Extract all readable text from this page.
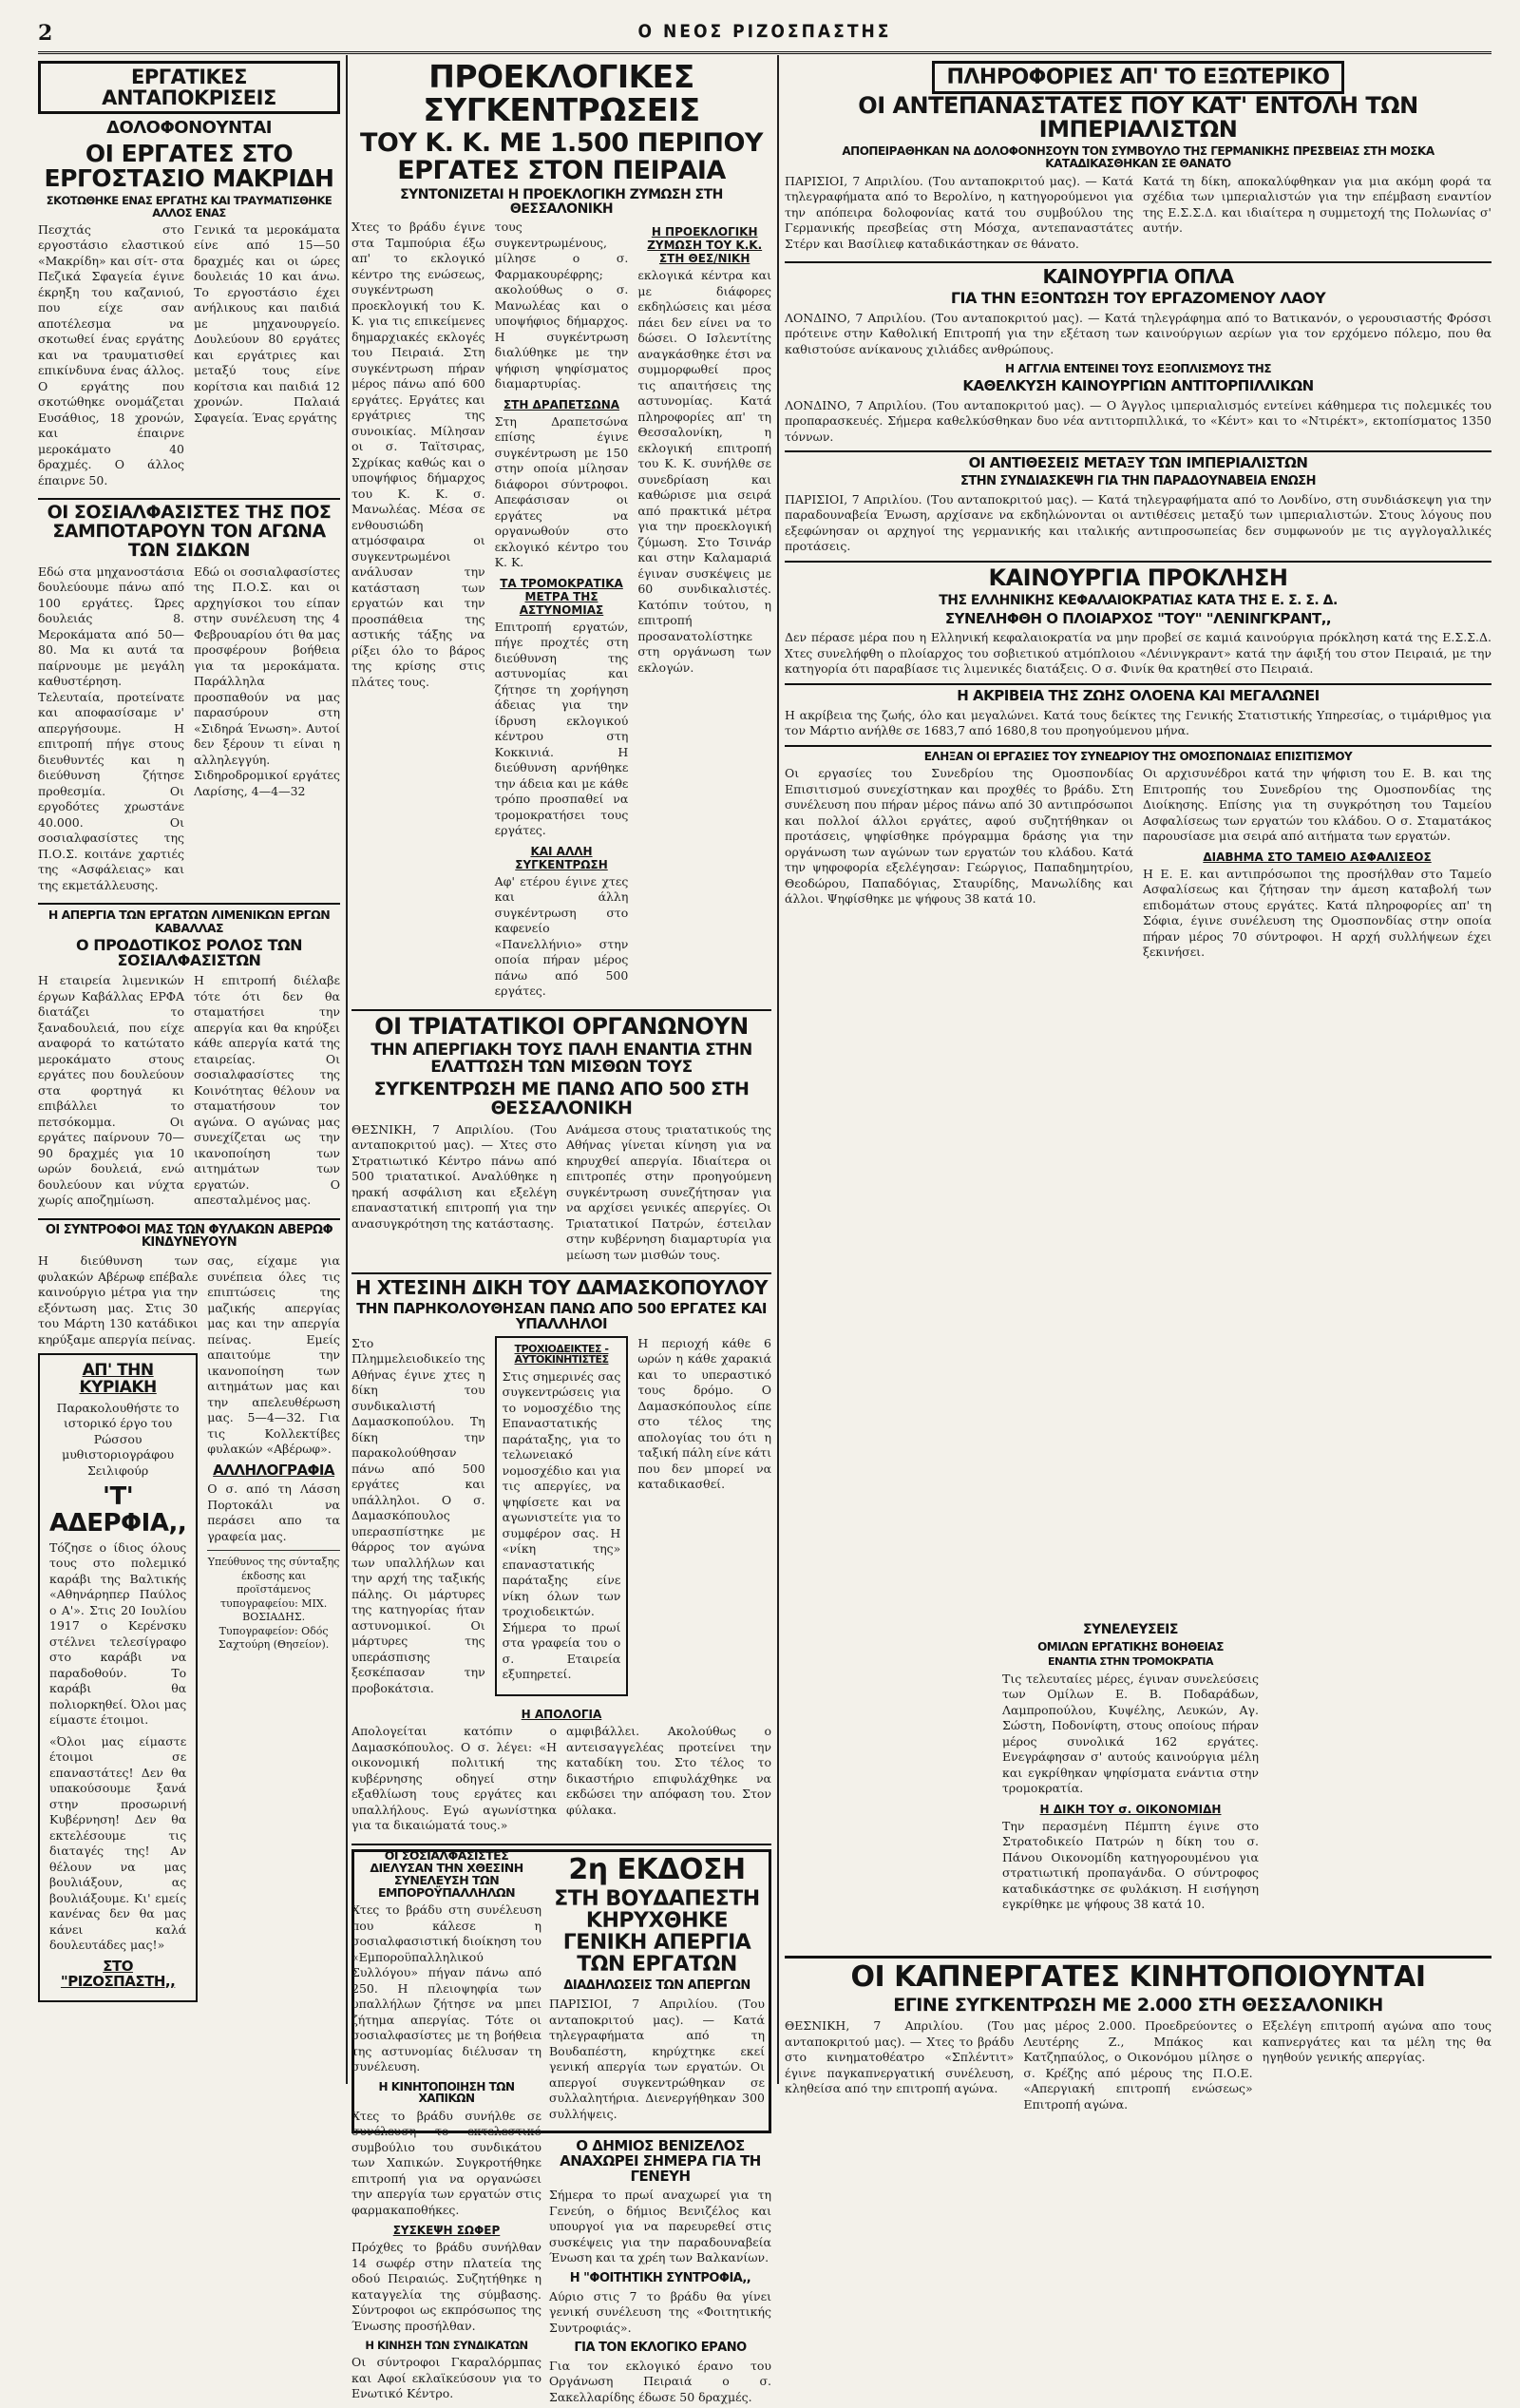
2	Ο ΝΕΟΣ ΡΙΖΟΣΠΑΣΤΗΣ
ΕΡΓΑΤΙΚΕΣ ΑΝΤΑΠΟΚΡΙΣΕΙΣ
ΔΟΛΟΦΟΝΟΥΝΤΑΙ
ΟΙ ΕΡΓΑΤΕΣ ΣΤΟ ΕΡΓΟΣΤΑΣΙΟ ΜΑΚΡΙΔΗ
ΣΚΟΤΩΘΗΚΕ ΕΝΑΣ ΕΡΓΑΤΗΣ ΚΑΙ ΤΡΑΥΜΑΤΙΣΘΗΚΕ ΑΛΛΟΣ ΕΝΑΣ

Πεσχτάς στο εργοστάσιο ελαστικού «Μακρίδη» και σίτ- στα Πεζικά Σφαγεία έγινε έκρηξη του καζανιού, που είχε σαν αποτέλεσμα να σκοτωθεί ένας εργάτης και να τραυματισθεί επικίνδυνα ένας άλλος. Ο εργάτης που σκοτώθηκε ονομάζεται Ευσάθιος, 18 χρονών, και έπαιρνε μεροκάματο 40 δραχμές. Ο άλλος έπαιρνε 50.

Γενικά τα μεροκάματα είνε από 15—50 δραχμές και οι ώρες δουλειάς 10 και άνω. Το εργοστάσιο έχει ανήλικους και παιδιά με μηχανουργείο. Δουλεύουν 80 εργάτες και εργάτριες και μεταξύ τους είνε κορίτσια και παιδιά 12 χρονών. Παλαιά Σφαγεία. Ένας εργάτης

ΟΙ ΣΟΣΙΑΛΦΑΣΙΣΤΕΣ ΤΗΣ ΠΟΣ ΣΑΜΠΟΤΑΡΟΥΝ ΤΟΝ ΑΓΩΝΑ ΤΩΝ ΣΙΔΚΩΝ

Εδώ στα μηχανοστάσια δουλεύουμε πάνω από 100 εργάτες. Ώρες δουλειάς 8. Μεροκάματα από 50—80. Μα κι αυτά τα παίρνουμε με μεγάλη καθυστέρηση. Τελευταία, προτείνατε και αποφασίσαμε ν' απεργήσουμε. Η επιτροπή πήγε στους διευθυντές και η διεύθυνση ζήτησε προθεσμία. Οι εργοδότες χρωστάνε 40.000. Οι σοσιαλφασίστες της Π.Ο.Σ. κοιτάνε χαρτιές της «Ασφάλειας» και της εκμετάλλευσης.

Εδώ οι σοσιαλφασίστες της Π.Ο.Σ. και οι αρχηγίσκοι του είπαν στην συνέλευση της 4 Φεβρουαρίου ότι θα μας προσφέρουν βοήθεια για τα μεροκάματα. Παράλληλα προσπαθούν να μας παρασύρουν στη «Σιδηρά Ένωση». Αυτοί δεν ξέρουν τι είναι η αλληλεγγύη. Σιδηροδρομικοί εργάτες Λαρίσης, 4—4—32

Η ΑΠΕΡΓΙΑ ΤΩΝ ΕΡΓΑΤΩΝ ΛΙΜΕΝΙΚΩΝ ΕΡΓΩΝ ΚΑΒΑΛΛΑΣ
Ο ΠΡΟΔΟΤΙΚΟΣ ΡΟΛΟΣ ΤΩΝ ΣΟΣΙΑΛΦΑΣΙΣΤΩΝ

Η εταιρεία λιμενικών έργων Καβάλλας ΕΡΦΑ διατάζει το ξαναδουλειά, που είχε αναφορά το κατώτατο μεροκάματο στους εργάτες που δουλεύουν στα φορτηγά κι επιβάλλει το πετσόκομμα. Οι εργάτες παίρνουν 70—90 δραχμές για 10 ωρών δουλειά, ενώ δουλεύουν και νύχτα χωρίς αποζημίωση.

Η επιτροπή διέλαβε τότε ότι δεν θα σταματήσει την απεργία και θα κηρύξει κάθε απεργία κατά της εταιρείας. Οι σοσιαλφασίστες της Κοινότητας θέλουν να σταματήσουν τον αγώνα. Ο αγώνας μας συνεχίζεται ως την ικανοποίηση των αιτημάτων των εργατών. Ο απεσταλμένος μας.

ΟΙ ΣΥΝΤΡΟΦΟΙ ΜΑΣ ΤΩΝ ΦΥΛΑΚΩΝ ΑΒΕΡΩΦ ΚΙΝΔΥΝΕΥΟΥΝ

Η διεύθυνση των φυλακών Αβέρωφ επέβαλε καινούργιο μέτρα για την εξόντωση μας. Στις 30 του Μάρτη 130 κατάδικοι κηρύξαμε απεργία πείνας.

ΑΠ' ΤΗΝ ΚΥΡΙΑΚΗ

Παρακολουθήστε το ιστορικό έργο του Ρώσσου μυθιστοριογράφου Σειλιφούρ

'Τ' ΑΔΕΡΦΙΑ,,

Τόζησε ο ίδιος όλους τους στο πολεμικό καράβι της Βαλτικής «Αθηνάρηπερ Παύλος ο Α'». Στις 20 Ιουλίου 1917 ο Κερένσκυ στέλνει τελεσίγραφο στο καράβι να παραδοθούν. Το καράβι θα πολιορκηθεί. Όλοι μας είμαστε έτοιμοι.

«Όλοι μας είμαστε έτοιμοι σε επαναστάτες! Δεν θα υπακούσουμε ξανά στην προσωρινή Κυβέρνηση! Δεν θα εκτελέσουμε τις διαταγές της! Αν θέλουν να μας βουλιάξουν, ας βουλιάξουμε. Κι' εμείς κανένας δεν θα μας κάνει καλά δουλευτάδες μας!»

ΣΤΟ "ΡΙΖΟΣΠΑΣΤΗ,,

σας, είχαμε για συνέπεια όλες τις επιπτώσεις της μαζικής απεργίας μας και την απεργία πείνας. Εμείς απαιτούμε την ικανοποίηση των αιτημάτων μας και την απελευθέρωση μας. 5—4—32. Για τις Κολλεκτίβες φυλακών «Αβέρωφ».

ΑΛΛΗΛΟΓΡΑΦΙΑ

Ο σ. από τη Λάσση Πορτοκάλι να περάσει απο τα γραφεία μας.

Υπεύθυνος της σύνταξης έκδοσης και προϊστάμενος τυπογραφείου: ΜΙΧ. ΒΟΣΙΑΔΗΣ. Τυπογραφείον: Οδός Σαχτούρη (Θησείον).

ΠΡΟΕΚΛΟΓΙΚΕΣ ΣΥΓΚΕΝΤΡΩΣΕΙΣ
ΤΟΥ Κ. Κ. ΜΕ 1.500 ΠΕΡΙΠΟΥ ΕΡΓΑΤΕΣ ΣΤΟΝ ΠΕΙΡΑΙΑ
ΣΥΝΤΟΝΙΖΕΤΑΙ Η ΠΡΟΕΚΛΟΓΙΚΗ ΖΥΜΩΣΗ ΣΤΗ ΘΕΣΣΑΛΟΝΙΚΗ

Χτες το βράδυ έγινε στα Ταμπούρια έξω απ' το εκλογικό κέντρο της ενώσεως, συγκέντρωση προεκλογική του Κ. Κ. για τις επικείμενες δημαρχιακές εκλογές του Πειραιά. Στη συγκέντρωση πήραν μέρος πάνω από 600 εργάτες. Εργάτες και εργάτριες της συνοικίας. Μίλησαν οι σ. Ταϊτσιρας, Σχρίκας καθώς και ο υποψήφιος δήμαρχος του Κ. Κ. σ. Μανωλέας. Μέσα σε ενθουσιώδη ατμόσφαιρα οι συγκεντρωμένοι ανάλυσαν την κατάσταση των εργατών και την προσπάθεια της αστικής τάξης να ρίξει όλο το βάρος της κρίσης στις πλάτες τους.

τους συγκεντρωμένους, μίλησε ο σ. Φαρμακουρέφρης; ακολούθως ο σ. Μανωλέας και ο υποψήφιος δήμαρχος. Η συγκέντρωση διαλύθηκε με την ψήφιση ψηφίσματος διαμαρτυρίας.

ΣΤΗ ΔΡΑΠΕΤΣΩΝΑ

Στη Δραπετσώνα επίσης έγινε συγκέντρωση με 150 στην οποία μίλησαν διάφοροι σύντροφοι. Απεφάσισαν οι εργάτες να οργανωθούν στο εκλογικό κέντρο του Κ. Κ.

ΤΑ ΤΡΟΜΟΚΡΑΤΙΚΑ ΜΕΤΡΑ ΤΗΣ ΑΣΤΥΝΟΜΙΑΣ

Επιτροπή εργατών, πήγε προχτές στη διεύθυνση της αστυνομίας και ζήτησε τη χορήγηση άδειας για την ίδρυση εκλογικού κέντρου στη Κοκκινιά. Η διεύθυνση αρνήθηκε την άδεια και με κάθε τρόπο προσπαθεί να τρομοκρατήσει τους εργάτες.

ΚΑΙ ΑΛΛΗ ΣΥΓΚΕΝΤΡΩΣΗ

Αφ' ετέρου έγινε χτες και άλλη συγκέντρωση στο καφενείο «Πανελλήνιο» στην οποία πήραν μέρος πάνω από 500 εργάτες.

Η ΠΡΟΕΚΛΟΓΙΚΗ ΖΥΜΩΣΗ ΤΟΥ Κ.Κ. ΣΤΗ ΘΕΣ/ΝΙΚΗ

εκλογικά κέντρα και με διάφορες εκδηλώσεις και μέσα πάει δεν είνει να το δώσει. Ο Ισλεντίτης αναγκάσθηκε έτσι να συμμορφωθεί προς τις απαιτήσεις της αστυνομίας. Κατά πληροφορίες απ' τη Θεσσαλονίκη, η εκλογική επιτροπή του Κ. Κ. συνήλθε σε συνεδρίαση και καθώρισε μια σειρά από πρακτικά μέτρα για την προεκλογική ζύμωση. Στο Τσινάρ και στην Καλαμαριά έγιναν συσκέψεις με 60 συνδικαλιστές. Κατόπιν τούτου, η επιτροπή προσανατολίστηκε στη οργάνωση των εκλογών.

ΟΙ ΤΡΙΑΤΑΤΙΚΟΙ ΟΡΓΑΝΩΝΟΥΝ
ΤΗΝ ΑΠΕΡΓΙΑΚΗ ΤΟΥΣ ΠΑΛΗ ΕΝΑΝΤΙΑ ΣΤΗΝ ΕΛΑΤΤΩΣΗ ΤΩΝ ΜΙΣΘΩΝ ΤΟΥΣ
ΣΥΓΚΕΝΤΡΩΣΗ ΜΕ ΠΑΝΩ ΑΠΟ 500 ΣΤΗ ΘΕΣΣΑΛΟΝΙΚΗ

ΘΕΣΝΙΚΗ, 7 Απριλίου. (Του ανταποκριτού μας). — Χτες στο Στρατιωτικό Κέντρο πάνω από 500 τριατατικοί. Αναλύθηκε η ηρακή ασφάλιση και εξελέγη επαναστατική επιτροπή για την ανασυγκρότηση της κατάστασης.

Ανάμεσα στους τριατατικούς της Αθήνας γίνεται κίνηση για να κηρυχθεί απεργία. Ιδιαίτερα οι επιτροπές στην προηγούμενη συγκέντρωση συνεζήτησαν για να αρχίσει γενικές απεργίες. Οι Τριατατικοί Πατρών, έστειλαν στην κυβέρνηση διαμαρτυρία για μείωση των μισθών τους.

Η ΧΤΕΣΙΝΗ ΔΙΚΗ ΤΟΥ ΔΑΜΑΣΚΟΠΟΥΛΟΥ
ΤΗΝ ΠΑΡΗΚΟΛΟΥΘΗΣΑΝ ΠΑΝΩ ΑΠΟ 500 ΕΡΓΑΤΕΣ ΚΑΙ ΥΠΑΛΛΗΛΟΙ

Στο Πλημμελειοδικείο της Αθήνας έγινε χτες η δίκη του συνδικαλιστή Δαμασκοπούλου. Τη δίκη την παρακολούθησαν πάνω από 500 εργάτες και υπάλληλοι. Ο σ. Δαμασκόπουλος υπερασπίστηκε με θάρρος τον αγώνα των υπαλλήλων και την αρχή της ταξικής πάλης. Οι μάρτυρες της κατηγορίας ήταν αστυνομικοί. Οι μάρτυρες της υπεράσπισης ξεσκέπασαν την προβοκάτσια.

ΤΡΟΧΙΟΔΕΙΚΤΕΣ - ΑΥΤΟΚΙΝΗΤΙΣΤΕΣ

Στις σημερινές σας συγκεντρώσεις για το νομοσχέδιο της Επαναστατικής παράταξης, για το τελωνειακό νομοσχέδιο και για τις απεργίες, να ψηφίσετε και να αγωνιστείτε για το συμφέρον σας. Η «νίκη της» επαναστατικής παράταξης είνε νίκη όλων των τροχιοδεικτών. Σήμερα το πρωί στα γραφεία του ο σ. Εταιρεία εξυπηρετεί.

Η περιοχή κάθε 6 ωρών η κάθε χαρακιά και το υπεραστικό τους δρόμο. Ο Δαμασκόπουλος είπε στο τέλος της απολογίας του ότι η ταξική πάλη είνε κάτι που δεν μπορεί να καταδικασθεί.

Η ΑΠΟΛΟΓΙΑ

Απολογείται κατόπιν ο Δαμασκόπουλος. Ο σ. λέγει: «Η οικονομική πολιτική της κυβέρνησης οδηγεί στην εξαθλίωση τους εργάτες και υπαλλήλους. Εγώ αγωνίστηκα για τα δικαιώματά τους.»

αμφιβάλλει. Ακολούθως ο αντεισαγγελέας προτείνει την καταδίκη του. Στο τέλος το δικαστήριο επιφυλάχθηκε να εκδώσει την απόφαση του. Στον φύλακα.

ΟΙ ΣΟΣΙΑΛΦΑΣΙΣΤΕΣ ΔΙΕΛΥΣΑΝ ΤΗΝ ΧΘΕΣΙΝΗ ΣΥΝΕΛΕΥΣΗ ΤΩΝ ΕΜΠΟΡΟΫΠΑΛΛΗΛΩΝ

Χτες το βράδυ στη συνέλευση που κάλεσε η σοσιαλφασιστική διοίκηση του «Εμποροϋπαλληλικού Συλλόγου» πήγαν πάνω από 250. Η πλειοψηφία των υπαλλήλων ζήτησε να μπει ζήτημα απεργίας. Τότε οι σοσιαλφασίστες με τη βοήθεια της αστυνομίας διέλυσαν τη συνέλευση.

Η ΚΙΝΗΤΟΠΟΙΗΣΗ ΤΩΝ ΧΑΠΙΚΩΝ

Χτες το βράδυ συνήλθε σε συνέλευση το εκτελεστικό συμβούλιο του συνδικάτου των Χαπικών. Συγκροτήθηκε επιτροπή για να οργανώσει την απεργία των εργατών στις φαρμακαποθήκες.

ΣΥΣΚΕΨΗ ΣΩΦΕΡ

Πρόχθες το βράδυ συνήλθαν 14 σωφέρ στην πλατεία της οδού Πειραιώς. Συζητήθηκε η καταγγελία της σύμβασης. Σύντροφοι ως εκπρόσωπος της Ένωσης προσήλθαν.

Η ΚΙΝΗΣΗ ΤΩΝ ΣΥΝΔΙΚΑΤΩΝ

Οι σύντροφοι Γκαραλόρμπας και Αφοί εκλαϊκεύσουν για το Ενωτικό Κέντρο.

2η ΕΚΔΟΣΗ
ΣΤΗ ΒΟΥΔΑΠΕΣΤΗ ΚΗΡΥΧΘΗΚΕ ΓΕΝΙΚΗ ΑΠΕΡΓΙΑ ΤΩΝ ΕΡΓΑΤΩΝ
ΔΙΑΔΗΛΩΣΕΙΣ ΤΩΝ ΑΠΕΡΓΩΝ

ΠΑΡΙΣΙΟΙ, 7 Απριλίου. (Του ανταποκριτού μας). — Κατά τηλεγραφήματα από τη Βουδαπέστη, κηρύχτηκε εκεί γενική απεργία των εργατών. Οι απεργοί συγκεντρώθηκαν σε συλλαλητήρια. Διενεργήθηκαν 300 συλλήψεις.

Ο ΔΗΜΙΟΣ ΒΕΝΙΖΕΛΟΣ ΑΝΑΧΩΡΕΙ ΣΗΜΕΡΑ ΓΙΑ ΤΗ ΓΕΝΕΥΗ

Σήμερα το πρωί αναχωρεί για τη Γενεύη, ο δήμιος Βενιζέλος και υπουργοί για να παρευρεθεί στις συσκέψεις για την παραδουναβεία Ένωση και τα χρέη των Βαλκανίων.

Η "ΦΟΙΤΗΤΙΚΗ ΣΥΝΤΡΟΦΙΑ,,

Αύριο στις 7 το βράδυ θα γίνει γενική συνέλευση της «Φοιτητικής Συντροφιάς».

ΓΙΑ ΤΟΝ ΕΚΛΟΓΙΚΟ ΕΡΑΝΟ

Για τον εκλογικό έρανο του Οργάνωση Πειραιά ο σ. Σακελλαρίδης έδωσε 50 δραχμές.

ΠΛΗΡΟΦΟΡΙΕΣ ΑΠ' ΤΟ ΕΞΩΤΕΡΙΚΟ
ΟΙ ΑΝΤΕΠΑΝΑΣΤΑΤΕΣ ΠΟΥ ΚΑΤ' ΕΝΤΟΛΗ ΤΩΝ ΙΜΠΕΡΙΑΛΙΣΤΩΝ
ΑΠΟΠΕΙΡΑΘΗΚΑΝ ΝΑ ΔΟΛΟΦΟΝΗΣΟΥΝ ΤΟΝ ΣΥΜΒΟΥΛΟ ΤΗΣ ΓΕΡΜΑΝΙΚΗΣ ΠΡΕΣΒΕΙΑΣ ΣΤΗ ΜΟΣΚΑ ΚΑΤΑΔΙΚΑΣΘΗΚΑΝ ΣΕ ΘΑΝΑΤΟ

ΠΑΡΙΣΙΟΙ, 7 Απριλίου. (Του ανταποκριτού μας). — Κατά τηλεγραφήματα από το Βερολίνο, η κατηγορούμενοι για την απόπειρα δολοφονίας κατά του συμβούλου της Γερμανικής πρεσβείας στη Μόσχα, αντεπαναστάτες Στέρν και Βασίλιεφ καταδικάστηκαν σε θάνατο.

Κατά τη δίκη, αποκαλύφθηκαν για μια ακόμη φορά τα σχέδια των ιμπεριαλιστών για την επέμβαση εναντίον της Ε.Σ.Σ.Δ. και ιδιαίτερα η συμμετοχή της Πολωνίας σ' αυτήν.

ΚΑΙΝΟΥΡΓΙΑ ΟΠΛΑ
ΓΙΑ ΤΗΝ ΕΞΟΝΤΩΣΗ ΤΟΥ ΕΡΓΑΖΟΜΕΝΟΥ ΛΑΟΥ

ΛΟΝΔΙΝΟ, 7 Απριλίου. (Του ανταποκριτού μας). — Κατά τηλεγράφημα από το Βατικανόν, ο γερουσιαστής Φρόσσι πρότεινε στην Καθολική Επιτροπή για την εξέταση των καινούργιων αερίων για τον ερχόμενο πόλεμο, που θα καθιστούσε ανίκανους χιλιάδες ανθρώπους.

Η ΑΓΓΛΙΑ ΕΝΤΕΙΝΕΙ ΤΟΥΣ ΕΞΟΠΛΙΣΜΟΥΣ ΤΗΣ
ΚΑΘΕΛΚΥΣΗ ΚΑΙΝΟΥΡΓΙΩΝ ΑΝΤΙΤΟΡΠΙΛΛΙΚΩΝ

ΛΟΝΔΙΝΟ, 7 Απριλίου. (Του ανταποκριτού μας). — Ο Άγγλος ιμπεριαλισμός εντείνει κάθημερα τις πολεμικές του προπαρασκευές. Σήμερα καθελκύσθηκαν δυο νέα αντιτορπιλλικά, το «Κέντ» και το «Ντιρέκτ», εκτοπίσματος 1350 τόννων.

ΟΙ ΑΝΤΙΘΕΣΕΙΣ ΜΕΤΑΞΥ ΤΩΝ ΙΜΠΕΡΙΑΛΙΣΤΩΝ
ΣΤΗΝ ΣΥΝΔΙΑΣΚΕΨΗ ΓΙΑ ΤΗΝ ΠΑΡΑΔΟΥΝΑΒΕΙΑ ΕΝΩΣΗ

ΠΑΡΙΣΙΟΙ, 7 Απριλίου. (Του ανταποκριτού μας). — Κατά τηλεγραφήματα από το Λονδίνο, στη συνδιάσκεψη για την παραδουναβεία Ένωση, αρχίσανε να εκδηλώνονται οι αντιθέσεις μεταξύ των ιμπεριαλιστών. Στους λόγους που εξεφώνησαν οι αρχηγοί της γερμανικής και ιταλικής αντιπροσωπείας δεν συμφωνούν με τις αγγλογαλλικές προτάσεις.

ΚΑΙΝΟΥΡΓΙΑ ΠΡΟΚΛΗΣΗ
ΤΗΣ ΕΛΛΗΝΙΚΗΣ ΚΕΦΑΛΑΙΟΚΡΑΤΙΑΣ ΚΑΤΑ ΤΗΣ Ε. Σ. Σ. Δ.
ΣΥΝΕΛΗΦΘΗ Ο ΠΛΟΙΑΡΧΟΣ "ΤΟΥ" "ΛΕΝΙΝΓΚΡΑΝΤ,,

Δεν πέρασε μέρα που η Ελληνική κεφαλαιοκρατία να μην προβεί σε καμιά καινούργια πρόκληση κατά της Ε.Σ.Σ.Δ. Χτες συνελήφθη ο πλοίαρχος του σοβιετικού ατμόπλοιου «Λένινγκραντ» κατά την άφιξή του στον Πειραιά, με την κατηγορία ότι παραβίασε τις λιμενικές διατάξεις. Ο σ. Φινίκ θα κρατηθεί στο Πειραιά.

Η ΑΚΡΙΒΕΙΑ ΤΗΣ ΖΩΗΣ ΟΛΟΕΝΑ ΚΑΙ ΜΕΓΑΛΩΝΕΙ

Η ακρίβεια της ζωής, όλο και μεγαλώνει. Κατά τους δείκτες της Γενικής Στατιστικής Υπηρεσίας, ο τιμάριθμος για τον Μάρτιο ανήλθε σε 1683,7 από 1680,8 του προηγούμενου μήνα.

ΕΛΗΞΑΝ ΟΙ ΕΡΓΑΣΙΕΣ ΤΟΥ ΣΥΝΕΔΡΙΟΥ ΤΗΣ ΟΜΟΣΠΟΝΔΙΑΣ ΕΠΙΣΙΤΙΣΜΟΥ

Οι εργασίες του Συνεδρίου της Ομοσπονδίας Επισιτισμού συνεχίστηκαν και προχθές το βράδυ. Στη συνέλευση που πήραν μέρος πάνω από 30 αντιπρόσωποι και πολλοί άλλοι εργάτες, αφού συζητήθηκαν οι προτάσεις, ψηφίσθηκε πρόγραμμα δράσης για την οργάνωση των αγώνων των εργατών του κλάδου. Κατά την ψηφοφορία εξελέγησαν: Γεώργιος, Παπαδημητρίου, Θεοδώρου, Παπαδόγιας, Σταυρίδης, Μανωλίδης και άλλοι. Ψηφίσθηκε με ψήφους 38 κατά 10.

Οι αρχισυνέδροι κατά την ψήφιση του Ε. Β. και της Επιτροπής του Συνεδρίου της Ομοσπονδίας της Διοίκησης. Επίσης για τη συγκρότηση του Ταμείου Ασφαλίσεως των εργατών του κλάδου. Ο σ. Σταματάκος παρουσίασε μια σειρά από αιτήματα των εργατών.

ΔΙΑΒΗΜΑ ΣΤΟ ΤΑΜΕΙΟ ΑΣΦΑΛΙΣΕΟΣ

Η Ε. Ε. και αντιπρόσωποι της προσήλθαν στο Ταμείο Ασφαλίσεως και ζήτησαν την άμεση καταβολή των επιδομάτων στους εργάτες. Κατά πληροφορίες απ' τη Σόφια, έγινε συνέλευση της Ομοσπονδίας στην οποία πήραν μέρος 70 σύντροφοι. Η αρχή συλλήψεων έχει ξεκινήσει.

ΣΥΝΕΛΕΥΣΕΙΣ
ΟΜΙΛΩΝ ΕΡΓΑΤΙΚΗΣ ΒΟΗΘΕΙΑΣ
ΕΝΑΝΤΙΑ ΣΤΗΝ ΤΡΟΜΟΚΡΑΤΙΑ

Τις τελευταίες μέρες, έγιναν συνελεύσεις των Ομίλων Ε. Β. Ποδαράδων, Λαμπροπούλου, Κυψέλης, Λευκών, Αγ. Σώστη, Ποδονίφτη, στους οποίους πήραν μέρος συνολικά 162 εργάτες. Ενεγράφησαν σ' αυτούς καινούργια μέλη και εγκρίθηκαν ψηφίσματα ενάντια στην τρομοκρατία.

Η ΔΙΚΗ ΤΟΥ σ. ΟΙΚΟΝΟΜΙΔΗ

Την περασμένη Πέμπτη έγινε στο Στρατοδικείο Πατρών η δίκη του σ. Πάνου Οικονομίδη κατηγορουμένου για στρατιωτική προπαγάνδα. Ο σύντροφος καταδικάστηκε σε φυλάκιση. Η εισήγηση εγκρίθηκε με ψήφους 38 κατά 10.

ΟΙ ΚΑΠΝΕΡΓΑΤΕΣ ΚΙΝΗΤΟΠΟΙΟΥΝΤΑΙ
ΕΓΙΝΕ ΣΥΓΚΕΝΤΡΩΣΗ ΜΕ 2.000 ΣΤΗ ΘΕΣΣΑΛΟΝΙΚΗ

ΘΕΣΝΙΚΗ, 7 Απριλίου. (Του ανταποκριτού μας). — Χτες το βράδυ στο κινηματοθέατρο «Σπλέντιτ» έγινε παγκαπνεργατική συνέλευση, κληθείσα από την επιτροπή αγώνα.

μας μέρος 2.000. Προεδρεύοντες ο Λευτέρης Ζ., Μπάκος και Κατζηπαύλος, ο Οικονόμου μίλησε ο σ. Κρέζης από μέρους της Π.Ο.Ε. «Απεργιακή επιτροπή ενώσεως» Επιτροπή αγώνα.

Εξελέγη επιτροπή αγώνα απο τους καπνεργάτες και τα μέλη της θα ηγηθούν γενικής απεργίας.
